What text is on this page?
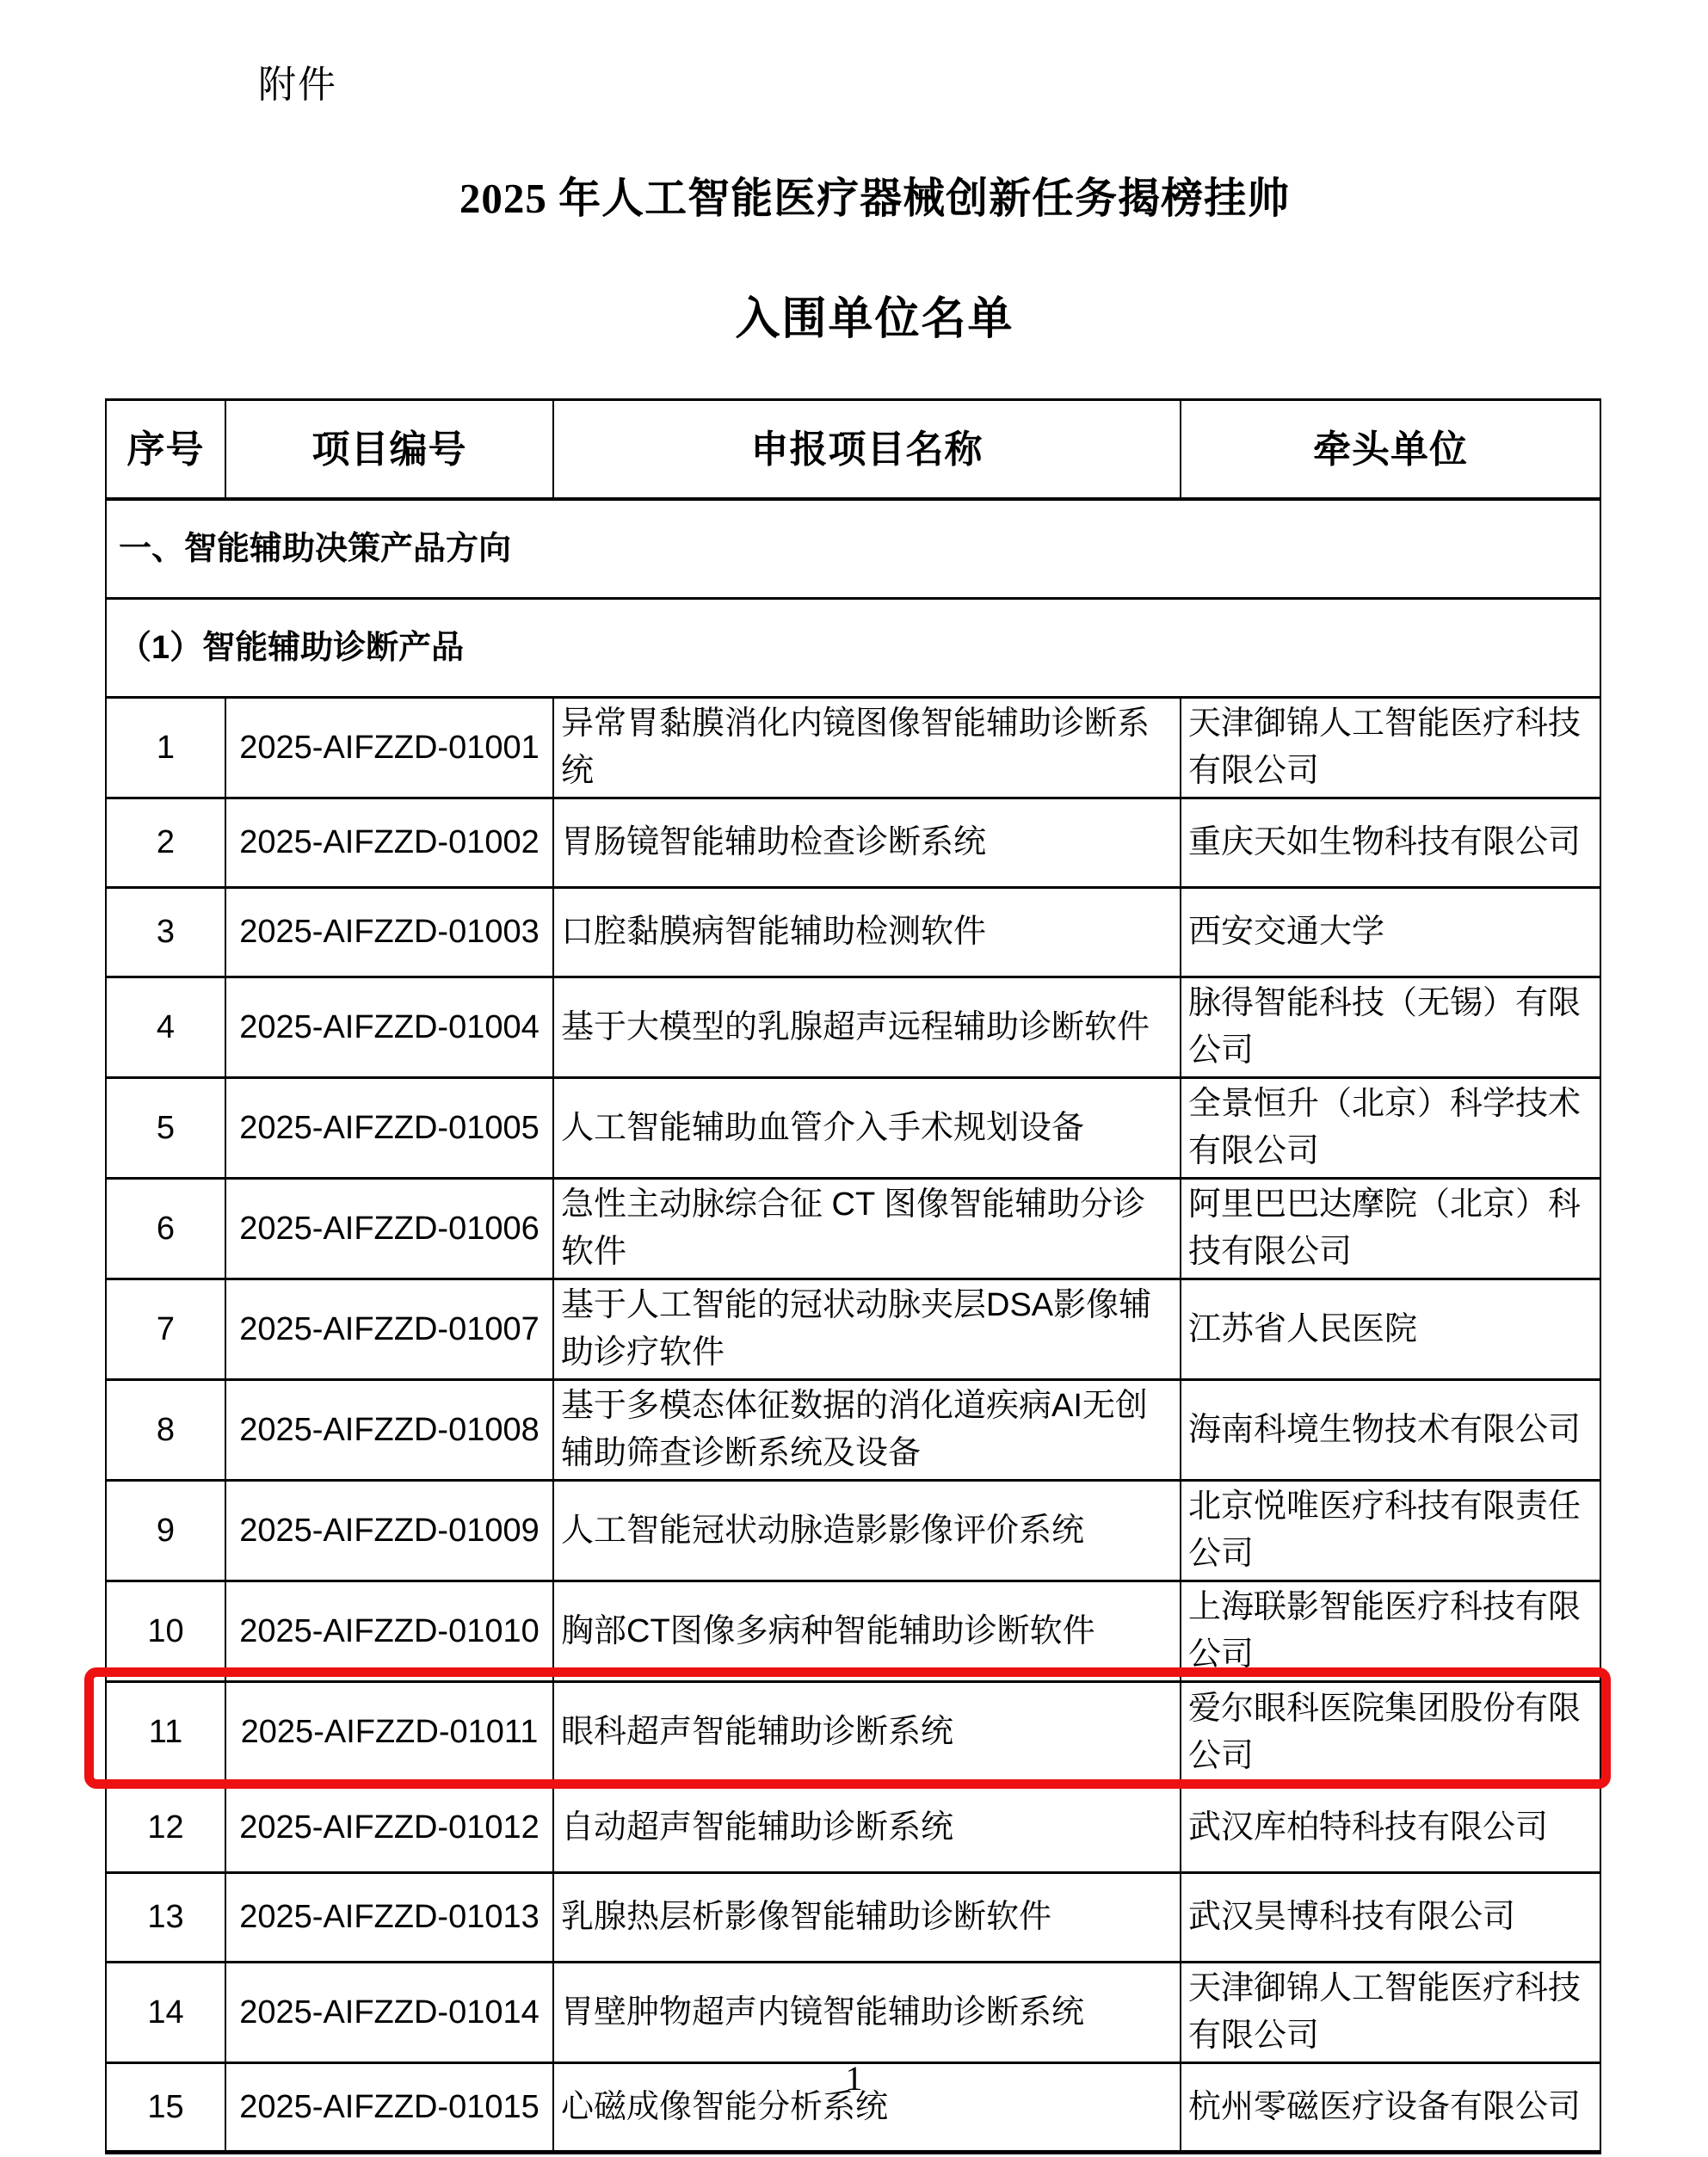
附件
2025 年人工智能医疗器械创新任务揭榜挂帅
入围单位名单
序号	项目编号	申报项目名称	牵头单位
一、智能辅助决策产品方向			
（1）智能辅助诊断产品			
1	2025-AIFZZD-01001	异常胃黏膜消化内镜图像智能辅助诊断系统	天津御锦人工智能医疗科技有限公司
2	2025-AIFZZD-01002	胃肠镜智能辅助检查诊断系统	重庆天如生物科技有限公司
3	2025-AIFZZD-01003	口腔黏膜病智能辅助检测软件	西安交通大学
4	2025-AIFZZD-01004	基于大模型的乳腺超声远程辅助诊断软件	脉得智能科技（无锡）有限公司
5	2025-AIFZZD-01005	人工智能辅助血管介入手术规划设备	全景恒升（北京）科学技术有限公司
6	2025-AIFZZD-01006	急性主动脉综合征 CT 图像智能辅助分诊软件	阿里巴巴达摩院（北京）科技有限公司
7	2025-AIFZZD-01007	基于人工智能的冠状动脉夹层DSA影像辅助诊疗软件	江苏省人民医院
8	2025-AIFZZD-01008	基于多模态体征数据的消化道疾病AI无创辅助筛查诊断系统及设备	海南科境生物技术有限公司
9	2025-AIFZZD-01009	人工智能冠状动脉造影影像评价系统	北京悦唯医疗科技有限责任公司
10	2025-AIFZZD-01010	胸部CT图像多病种智能辅助诊断软件	上海联影智能医疗科技有限公司
11	2025-AIFZZD-01011	眼科超声智能辅助诊断系统	爱尔眼科医院集团股份有限公司
12	2025-AIFZZD-01012	自动超声智能辅助诊断系统	武汉库柏特科技有限公司
13	2025-AIFZZD-01013	乳腺热层析影像智能辅助诊断软件	武汉昊博科技有限公司
14	2025-AIFZZD-01014	胃壁肿物超声内镜智能辅助诊断系统	天津御锦人工智能医疗科技有限公司
15	2025-AIFZZD-01015	心磁成像智能分析系统	杭州零磁医疗设备有限公司
1
